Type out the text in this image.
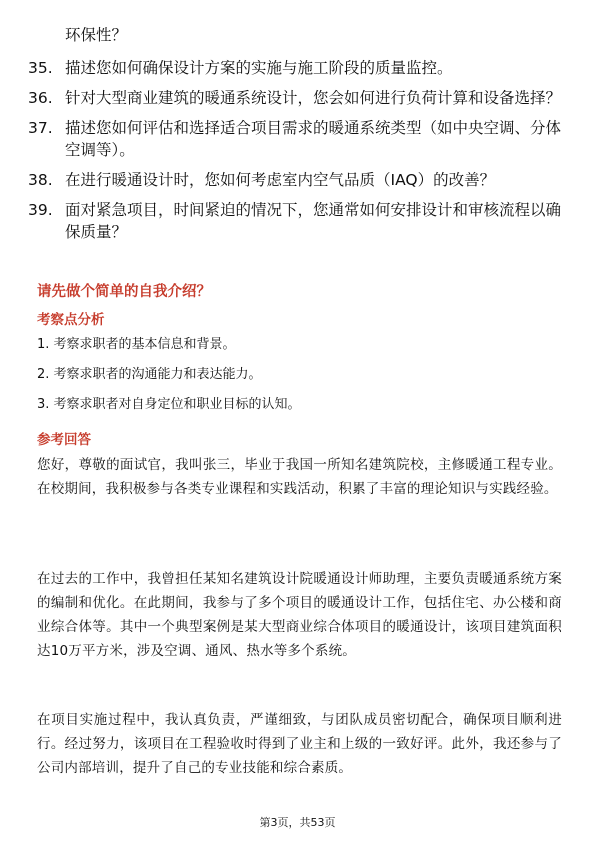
环保性？

35. 描述您如何确保设计方案的实施与施工阶段的质量监控。
36. 针对大型商业建筑的暖通系统设计，您会如何进行负荷计算和设备选择？
37. 描述您如何评估和选择适合项目需求的暖通系统类型（如中央空调、分体空调等）。
38. 在进行暖通设计时，您如何考虑室内空气品质（IAQ）的改善？
39. 面对紧急项目，时间紧迫的情况下，您通常如何安排设计和审核流程以确保质量？
请先做个简单的自我介绍？
考察点分析
1. 考察求职者的基本信息和背景。
2. 考察求职者的沟通能力和表达能力。
3. 考察求职者对自身定位和职业目标的认知。
参考回答

您好，尊敬的面试官，我叫张三，毕业于我国一所知名建筑院校，主修暖通工程专业。在校期间，我积极参与各类专业课程和实践活动，积累了丰富的理论知识与实践经验。

在过去的工作中，我曾担任某知名建筑设计院暖通设计师助理，主要负责暖通系统方案的编制和优化。在此期间，我参与了多个项目的暖通设计工作，包括住宅、办公楼和商业综合体等。其中一个典型案例是某大型商业综合体项目的暖通设计，该项目建筑面积达10万平方米，涉及空调、通风、热水等多个系统。

在项目实施过程中，我认真负责，严谨细致，与团队成员密切配合，确保项目顺利进行。经过努力，该项目在工程验收时得到了业主和上级的一致好评。此外，我还参与了公司内部培训，提升了自己的专业技能和综合素质。

第3页，共53页
